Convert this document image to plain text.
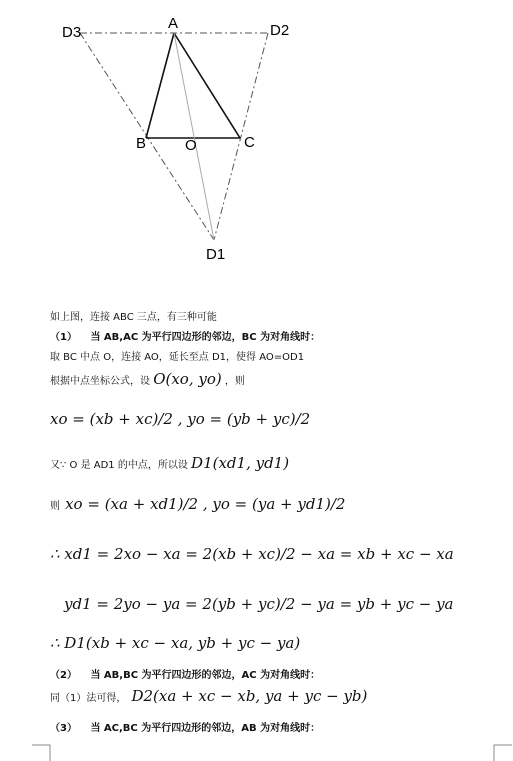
A
D3	D2
B	O	C
D1
如上图，连接 ABC 三点，有三种可能
（1） 当 AB,AC 为平行四边形的邻边，BC 为对角线时：
取 BC 中点 O，连接 AO，延长至点 D1，使得 AO=OD1
根据中点坐标公式，设 O(xo, yo) ，则
xo = (xb + xc)/2 , yo = (yb + yc)/2
又∵ O 是 AD1 的中点，所以设 D1(xd1, yd1)
则 xo = (xa + xd1)/2 , yo = (ya + yd1)/2
∴ xd1 = 2xo − xa = 2(xb + xc)/2 − xa = xb + xc − xa
yd1 = 2yo − ya = 2(yb + yc)/2 − ya = yb + yc − ya
∴ D1(xb + xc − xa, yb + yc − ya)
（2） 当 AB,BC 为平行四边形的邻边，AC 为对角线时：
同（1）法可得， D2(xa + xc − xb, ya + yc − yb)
（3） 当 AC,BC 为平行四边形的邻边，AB 为对角线时：
